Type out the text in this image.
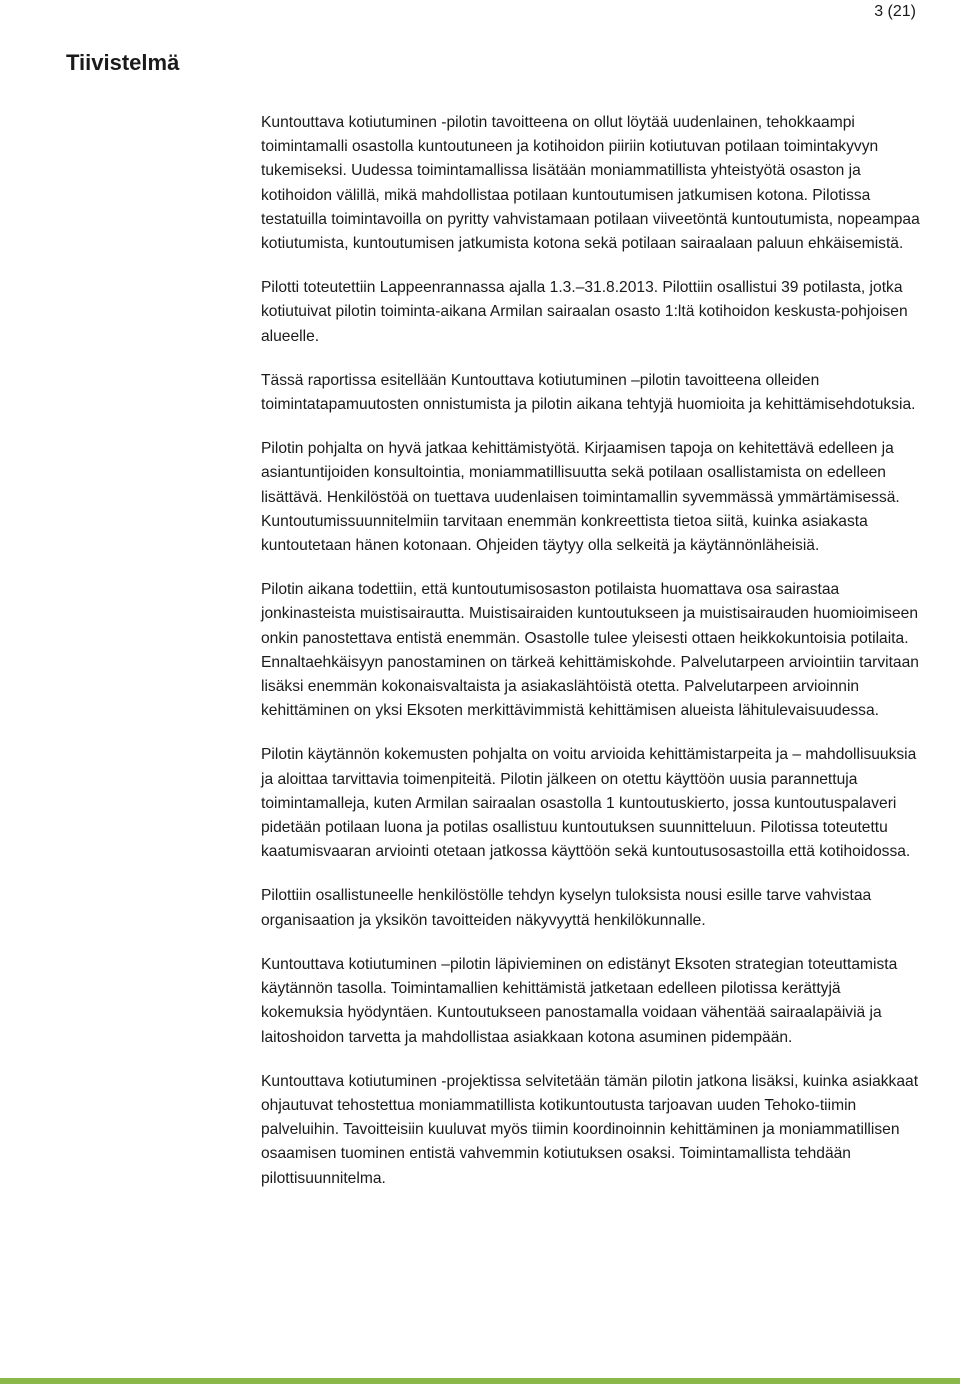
3 (21)
Tiivistelmä

Kuntouttava kotiutuminen -pilotin tavoitteena on ollut löytää uudenlainen, tehokkaampi toimintamalli osastolla kuntoutuneen ja kotihoidon piiriin kotiutuvan potilaan toimintakyvyn tukemiseksi. Uudessa toimintamallissa lisätään moniammatillista yhteistyötä osaston ja kotihoidon välillä, mikä mahdollistaa potilaan kuntoutumisen jatkumisen kotona. Pilotissa testatuilla toimintavoilla on pyritty vahvistamaan potilaan viiveetöntä kuntoutumista, nopeampaa kotiutumista, kuntoutumisen jatkumista kotona sekä potilaan sairaalaan paluun ehkäisemistä.

Pilotti toteutettiin Lappeenrannassa ajalla 1.3.–31.8.2013. Pilottiin osallistui 39 potilasta, jotka kotiutuivat pilotin toiminta-aikana Armilan sairaalan osasto 1:ltä kotihoidon keskusta-pohjoisen alueelle.

Tässä raportissa esitellään Kuntouttava kotiutuminen –pilotin tavoitteena olleiden toimintatapamuutosten onnistumista ja pilotin aikana tehtyjä huomioita ja kehittämisehdotuksia.

Pilotin pohjalta on hyvä jatkaa kehittämistyötä. Kirjaamisen tapoja on kehitettävä edelleen ja asiantuntijoiden konsultointia, moniammatillisuutta sekä potilaan osallistamista on edelleen lisättävä. Henkilöstöä on tuettava uudenlaisen toimintamallin syvemmässä ymmärtämisessä. Kuntoutumissuunnitelmiin tarvitaan enemmän konkreettista tietoa siitä, kuinka asiakasta kuntoutetaan hänen kotonaan. Ohjeiden täytyy olla selkeitä ja käytännönläheisiä.

Pilotin aikana todettiin, että kuntoutumisosaston potilaista huomattava osa sairastaa jonkinasteista muistisairautta. Muistisairaiden kuntoutukseen ja muistisairauden huomioimiseen onkin panostettava entistä enemmän. Osastolle tulee yleisesti ottaen heikkokuntoisia potilaita. Ennaltaehkäisyyn panostaminen on tärkeä kehittämiskohde. Palvelutarpeen arviointiin tarvitaan lisäksi enemmän kokonaisvaltaista ja asiakaslähtöistä otetta. Palvelutarpeen arvioinnin kehittäminen on yksi Eksoten merkittävimmistä kehittämisen alueista lähitulevaisuudessa.

Pilotin käytännön kokemusten pohjalta on voitu arvioida kehittämistarpeita ja – mahdollisuuksia ja aloittaa tarvittavia toimenpiteitä. Pilotin jälkeen on otettu käyttöön uusia parannettuja toimintamalleja, kuten Armilan sairaalan osastolla 1 kuntoutuskierto, jossa kuntoutuspalaveri pidetään potilaan luona ja potilas osallistuu kuntoutuksen suunnitteluun. Pilotissa toteutettu kaatumisvaaran arviointi otetaan jatkossa käyttöön sekä kuntoutusosastoilla että kotihoidossa.

Pilottiin osallistuneelle henkilöstölle tehdyn kyselyn tuloksista nousi esille tarve vahvistaa organisaation ja yksikön tavoitteiden näkyvyyttä henkilökunnalle.

Kuntouttava kotiutuminen –pilotin läpivieminen on edistänyt Eksoten strategian toteuttamista käytännön tasolla. Toimintamallien kehittämistä jatketaan edelleen pilotissa kerättyjä kokemuksia hyödyntäen. Kuntoutukseen panostamalla voidaan vähentää sairaalapäiviä ja laitoshoidon tarvetta ja mahdollistaa asiakkaan kotona asuminen pidempään.

Kuntouttava kotiutuminen -projektissa selvitetään tämän pilotin jatkona lisäksi, kuinka asiakkaat ohjautuvat tehostettua moniammatillista kotikuntoutusta tarjoavan uuden Tehoko-tiimin palveluihin. Tavoitteisiin kuuluvat myös tiimin koordinoinnin kehittäminen ja moniammatillisen osaamisen tuominen entistä vahvemmin kotiutuksen osaksi. Toimintamallista tehdään pilottisuunnitelma.
